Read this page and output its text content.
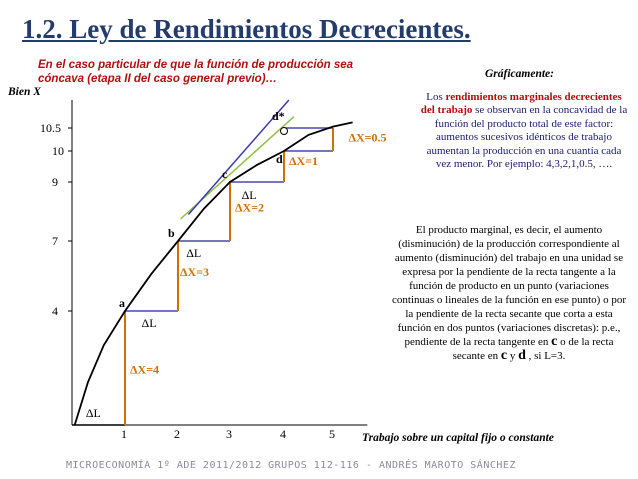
1.2. Ley de Rendimientos Decrecientes.
En el caso particular de que la función de producción sea cóncava (etapa II del caso general previo)…
Bien X
Trabajo sobre un capital fijo o constante
Gráficamente:
Los rendimientos marginales decrecientes del trabajo se observan en la concavidad de la función del producto total de este factor: aumentos sucesivos idénticos de trabajo aumentan la producción en una cuantía cada vez menor. Por ejemplo: 4,3,2,1,0.5, ….
El producto marginal, es decir, el aumento (disminución) de la producción correspondiente al aumento (disminución) del trabajo en una unidad se expresa por la pendiente de la recta tangente a la función de producto en un punto (variaciones continuas o lineales de la función en ese punto) o por la pendiente de la recta secante que corta a esta función en dos puntos (variaciones discretas): p.e., pendiente de la recta tangente en c o de la recta secante en c y d , si L=3.
4
7
9
10
10.5
1	2	3	4	5
ΔL
ΔX=4
ΔL
ΔX=3
ΔL
ΔX=2
ΔL
ΔX=1
ΔX=0.5
a
b
c
d
d*
MICROECONOMÍA 1º ADE 2011/2012 GRUPOS 112-116 - ANDRÉS MAROTO SÁNCHEZ
